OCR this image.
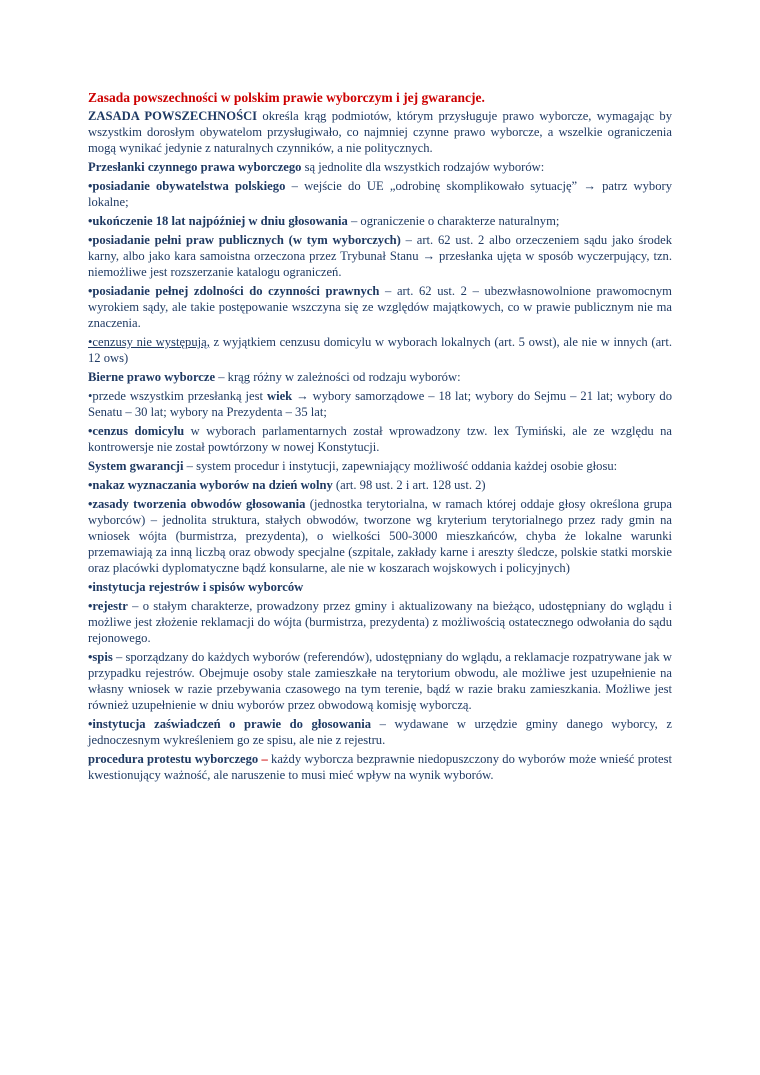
Zasada powszechności w polskim prawie wyborczym i jej gwarancje.

ZASADA POWSZECHNOŚCI określa krąg podmiotów, którym przysługuje prawo wyborcze, wymagając by wszystkim dorosłym obywatelom przysługiwało, co najmniej czynne prawo wyborcze, a wszelkie ograniczenia mogą wynikać jedynie z naturalnych czynników, a nie politycznych.

Przesłanki czynnego prawa wyborczego są jednolite dla wszystkich rodzajów wyborów:

•posiadanie obywatelstwa polskiego – wejście do UE „odrobinę skomplikowało sytuację” → patrz wybory lokalne;

•ukończenie 18 lat najpóźniej w dniu głosowania – ograniczenie o charakterze naturalnym;

•posiadanie pełni praw publicznych (w tym wyborczych) – art. 62 ust. 2 albo orzeczeniem sądu jako środek karny, albo jako kara samoistna orzeczona przez Trybunał Stanu → przesłanka ujęta w sposób wyczerpujący, tzn. niemożliwe jest rozszerzanie katalogu ograniczeń.

•posiadanie pełnej zdolności do czynności prawnych – art. 62 ust. 2 – ubezwłasnowolnione prawomocnym wyrokiem sądy, ale takie postępowanie wszczyna się ze względów majątkowych, co w prawie publicznym nie ma znaczenia.

•cenzusy nie występują, z wyjątkiem cenzusu domicylu w wyborach lokalnych (art. 5 owst), ale nie w innych (art. 12 ows)

Bierne prawo wyborcze – krąg różny w zależności od rodzaju wyborów:

•przede wszystkim przesłanką jest wiek → wybory samorządowe – 18 lat; wybory do Sejmu – 21 lat; wybory do Senatu – 30 lat; wybory na Prezydenta – 35 lat;

•cenzus domicylu w wyborach parlamentarnych został wprowadzony tzw. lex Tymiński, ale ze względu na kontrowersje nie został powtórzony w nowej Konstytucji.

System gwarancji – system procedur i instytucji, zapewniający możliwość oddania każdej osobie głosu:

•nakaz wyznaczania wyborów na dzień wolny (art. 98 ust. 2 i art. 128 ust. 2)

•zasady tworzenia obwodów głosowania (jednostka terytorialna, w ramach której oddaje głosy określona grupa wyborców) – jednolita struktura, stałych obwodów, tworzone wg kryterium terytorialnego przez rady gmin na wniosek wójta (burmistrza, prezydenta), o wielkości 500-3000 mieszkańców, chyba że lokalne warunki przemawiają za inną liczbą oraz obwody specjalne (szpitale, zakłady karne i areszty śledcze, polskie statki morskie oraz placówki dyplomatyczne bądź konsularne, ale nie w koszarach wojskowych i policyjnych)

•instytucja rejestrów i spisów wyborców

•rejestr – o stałym charakterze, prowadzony przez gminy i aktualizowany na bieżąco, udostępniany do wglądu i możliwe jest złożenie reklamacji do wójta (burmistrza, prezydenta) z możliwością ostatecznego odwołania do sądu rejonowego.

•spis – sporządzany do każdych wyborów (referendów), udostępniany do wglądu, a reklamacje rozpatrywane jak w przypadku rejestrów. Obejmuje osoby stale zamieszkałe na terytorium obwodu, ale możliwe jest uzupełnienie na własny wniosek w razie przebywania czasowego na tym terenie, bądź w razie braku zamieszkania. Możliwe jest również uzupełnienie w dniu wyborów przez obwodową komisję wyborczą.

•instytucja zaświadczeń o prawie do głosowania – wydawane w urzędzie gminy danego wyborcy, z jednoczesnym wykreśleniem go ze spisu, ale nie z rejestru.

procedura protestu wyborczego – każdy wyborcza bezprawnie niedopuszczony do wyborów może wnieść protest kwestionujący ważność, ale naruszenie to musi mieć wpływ na wynik wyborów.
